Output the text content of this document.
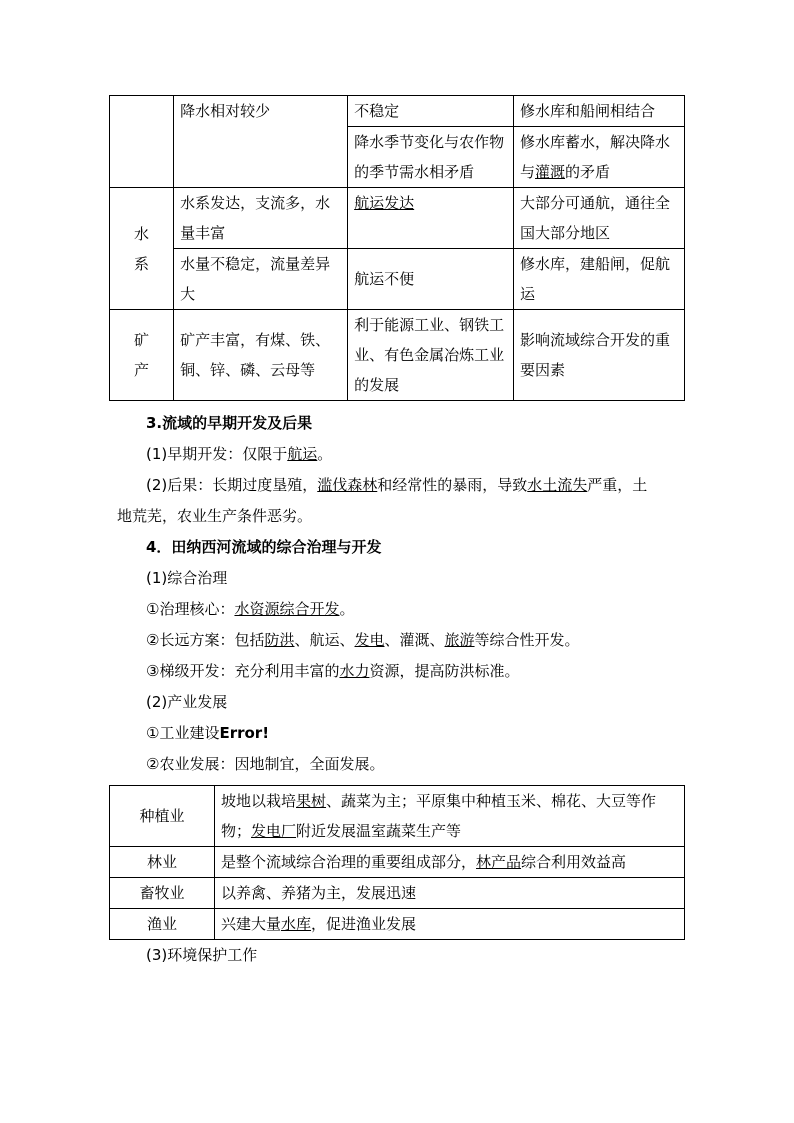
	降水相对较少	不稳定	修水库和船闸相结合
		降水季节变化与农作物的季节需水相矛盾	修水库蓄水，解决降水与灌溉的矛盾

水系	水系发达，支流多，水量丰富	航运发达	大部分可通航，通往全国大部分地区
	水量不稳定，流量差异大	航运不便	修水库，建船闸，促航运

矿产	矿产丰富，有煤、铁、铜、锌、磷、云母等	利于能源工业、钢铁工业、有色金属冶炼工业的发展	影响流域综合开发的重要因素
3.流域的早期开发及后果
(1)早期开发：仅限于航运。
(2)后果：长期过度垦殖，滥伐森林和经常性的暴雨，导致水土流失严重，土
地荒芜，农业生产条件恶劣。
4．田纳西河流域的综合治理与开发
(1)综合治理
①治理核心：水资源综合开发。
②长远方案：包括防洪、航运、发电、灌溉、旅游等综合性开发。
③梯级开发：充分利用丰富的水力资源，提高防洪标准。
(2)产业发展
①工业建设Error!
②农业发展：因地制宜，全面发展。
种植业	坡地以栽培果树、蔬菜为主；平原集中种植玉米、棉花、大豆等作物；发电厂附近发展温室蔬菜生产等
林业	是整个流域综合治理的重要组成部分，林产品综合利用效益高
畜牧业	以养禽、养猪为主，发展迅速
渔业	兴建大量水库，促进渔业发展
(3)环境保护工作
